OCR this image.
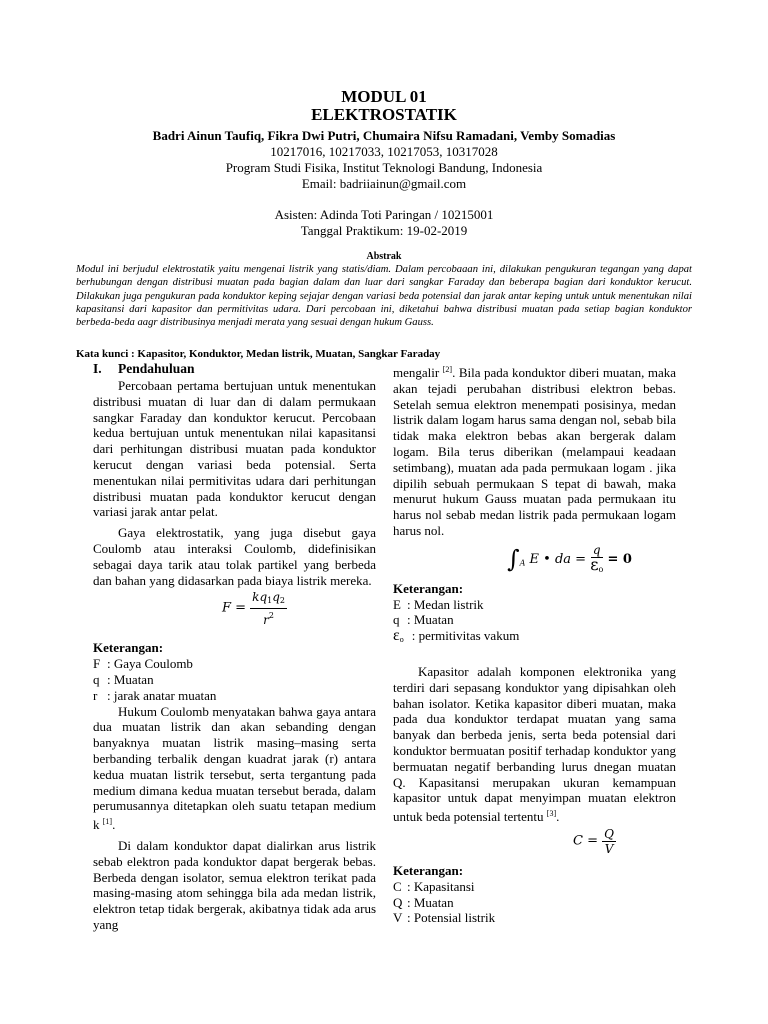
MODUL 01
ELEKTROSTATIK
Badri Ainun Taufiq, Fikra Dwi Putri, Chumaira Nifsu Ramadani, Vemby Somadias
10217016, 10217033, 10217053, 10317028
Program Studi Fisika, Institut Teknologi Bandung, Indonesia
Email: badriiainun@gmail.com
Asisten: Adinda Toti Paringan / 10215001
Tanggal Praktikum: 19-02-2019
Abstrak
Modul ini berjudul elektrostatik yaitu mengenai listrik yang statis/diam. Dalam percobaaan ini, dilakukan pengukuran tegangan yang dapat berhubungan dengan distribusi muatan pada bagian dalam dan luar dari sangkar Faraday dan beberapa bagian dari konduktor kerucut. Dilakukan juga pengukuran pada konduktor keping sejajar dengan variasi beda potensial dan jarak antar keping untuk untuk menentukan nilai kapasitansi dari kapasitor dan permitivitas udara. Dari percobaan ini, diketahui bahwa distribusi muatan pada setiap bagian konduktor berbeda-beda aagr distribusinya menjadi merata yang sesuai dengan hukum Gauss.
Kata kunci : Kapasitor, Konduktor, Medan listrik, Muatan, Sangkar Faraday
I. Pendahuluan

Percobaan pertama bertujuan untuk menentukan distribusi muatan di luar dan di dalam permukaan sangkar Faraday dan konduktor kerucut. Percobaan kedua bertujuan untuk menentukan nilai kapasitansi dari perhitungan distribusi muatan pada konduktor kerucut dengan variasi beda potensial. Serta menentukan nilai permitivitas udara dari perhitungan distribusi muatan pada konduktor kerucut dengan variasi jarak antar pelat.

Gaya elektrostatik, yang juga disebut gaya Coulomb atau interaksi Coulomb, didefinisikan sebagai daya tarik atau tolak partikel yang berbeda dan bahan yang didasarkan pada biaya listrik mereka.

$F = \frac{kq_1q_2}{r^2}$

Keterangan:

F : Gaya Coulomb

q : Muatan

r : jarak anatar muatan

Hukum Coulomb menyatakan bahwa gaya antara dua muatan listrik dan akan sebanding dengan banyaknya muatan listrik masing–masing serta berbanding terbalik dengan kuadrat jarak (r) antara kedua muatan listrik tersebut, serta tergantung pada medium dimana kedua muatan tersebut berada, dalam perumusannya ditetapkan oleh suatu tetapan medium k [1].

Di dalam konduktor dapat dialirkan arus listrik sebab elektron pada konduktor dapat bergerak bebas. Berbeda dengan isolator, semua elektron terikat pada masing-masing atom sehingga bila ada medan listrik, elektron tetap tidak bergerak, akibatnya tidak ada arus yang

mengalir [2]. Bila pada konduktor diberi muatan, maka akan tejadi perubahan distribusi elektron bebas. Setelah semua elektron menempati posisinya, medan listrik dalam logam harus sama dengan nol, sebab bila tidak maka elektron bebas akan bergerak dalam logam. Bila terus diberikan (melampaui keadaan setimbang), muatan ada pada permukaan logam . jika dipilih sebuah permukaan S tepat di bawah, maka menurut hukum Gauss muatan pada permukaan itu harus nol sebab medan listrik pada permukaan logam harus nol.

$\int_A$ E • da = $\frac{q}{\varepsilon_o} = 0$

Keterangan:

E : Medan listrik

q : Muatan

$\varepsilon_o$ : permitivitas vakum

Kapasitor adalah komponen elektronika yang terdiri dari sepasang konduktor yang dipisahkan oleh bahan isolator. Ketika kapasitor diberi muatan, maka pada dua konduktor terdapat muatan yang sama banyak dan berbeda jenis, serta beda potensial dari konduktor bermuatan positif terhadap konduktor yang bermuatan negatif berbanding lurus dnegan muatan Q. Kapasitansi merupakan ukuran kemampuan kapasitor untuk dapat menyimpan muatan elektron untuk beda potensial tertentu [3].

$C = \frac{Q}{V}$

Keterangan:

C : Kapasitansi

Q : Muatan

V : Potensial listrik
